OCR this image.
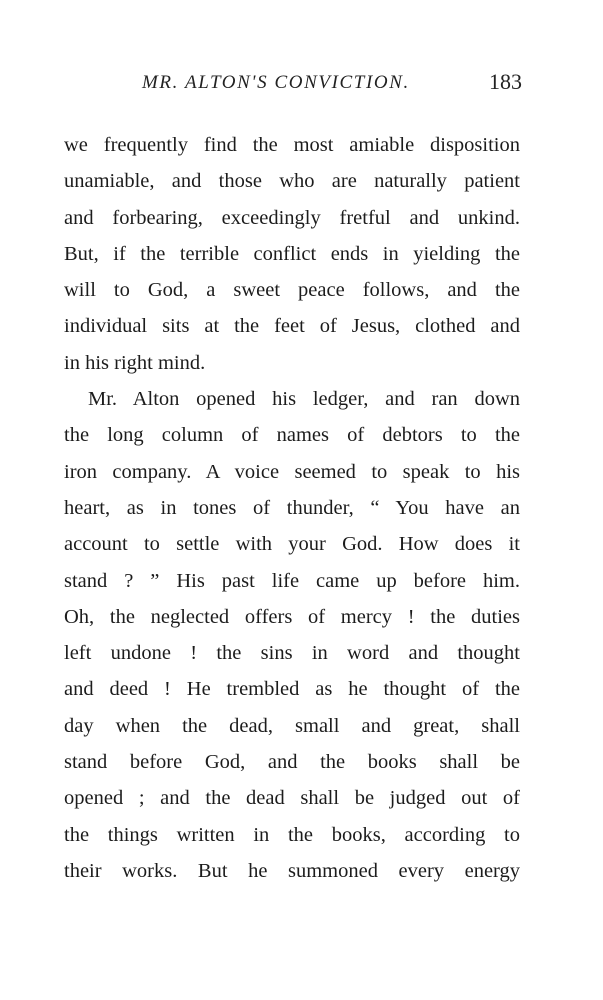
MR. ALTON'S CONVICTION.	183
we frequently find the most amiable disposition
unamiable, and those who are naturally patient
and forbearing, exceedingly fretful and unkind.
But, if the terrible conflict ends in yielding the
will to God, a sweet peace follows, and the
individual sits at the feet of Jesus, clothed and
in his right mind.
Mr. Alton opened his ledger, and ran down
the long column of names of debtors to the
iron company. A voice seemed to speak to his
heart, as in tones of thunder, “ You have an
account to settle with your God. How does it
stand ? ” His past life came up before him.
Oh, the neglected offers of mercy ! the duties
left undone ! the sins in word and thought
and deed ! He trembled as he thought of the
day when the dead, small and great, shall
stand before God, and the books shall be
opened ; and the dead shall be judged out of
the things written in the books, according to
their works. But he summoned every energy
